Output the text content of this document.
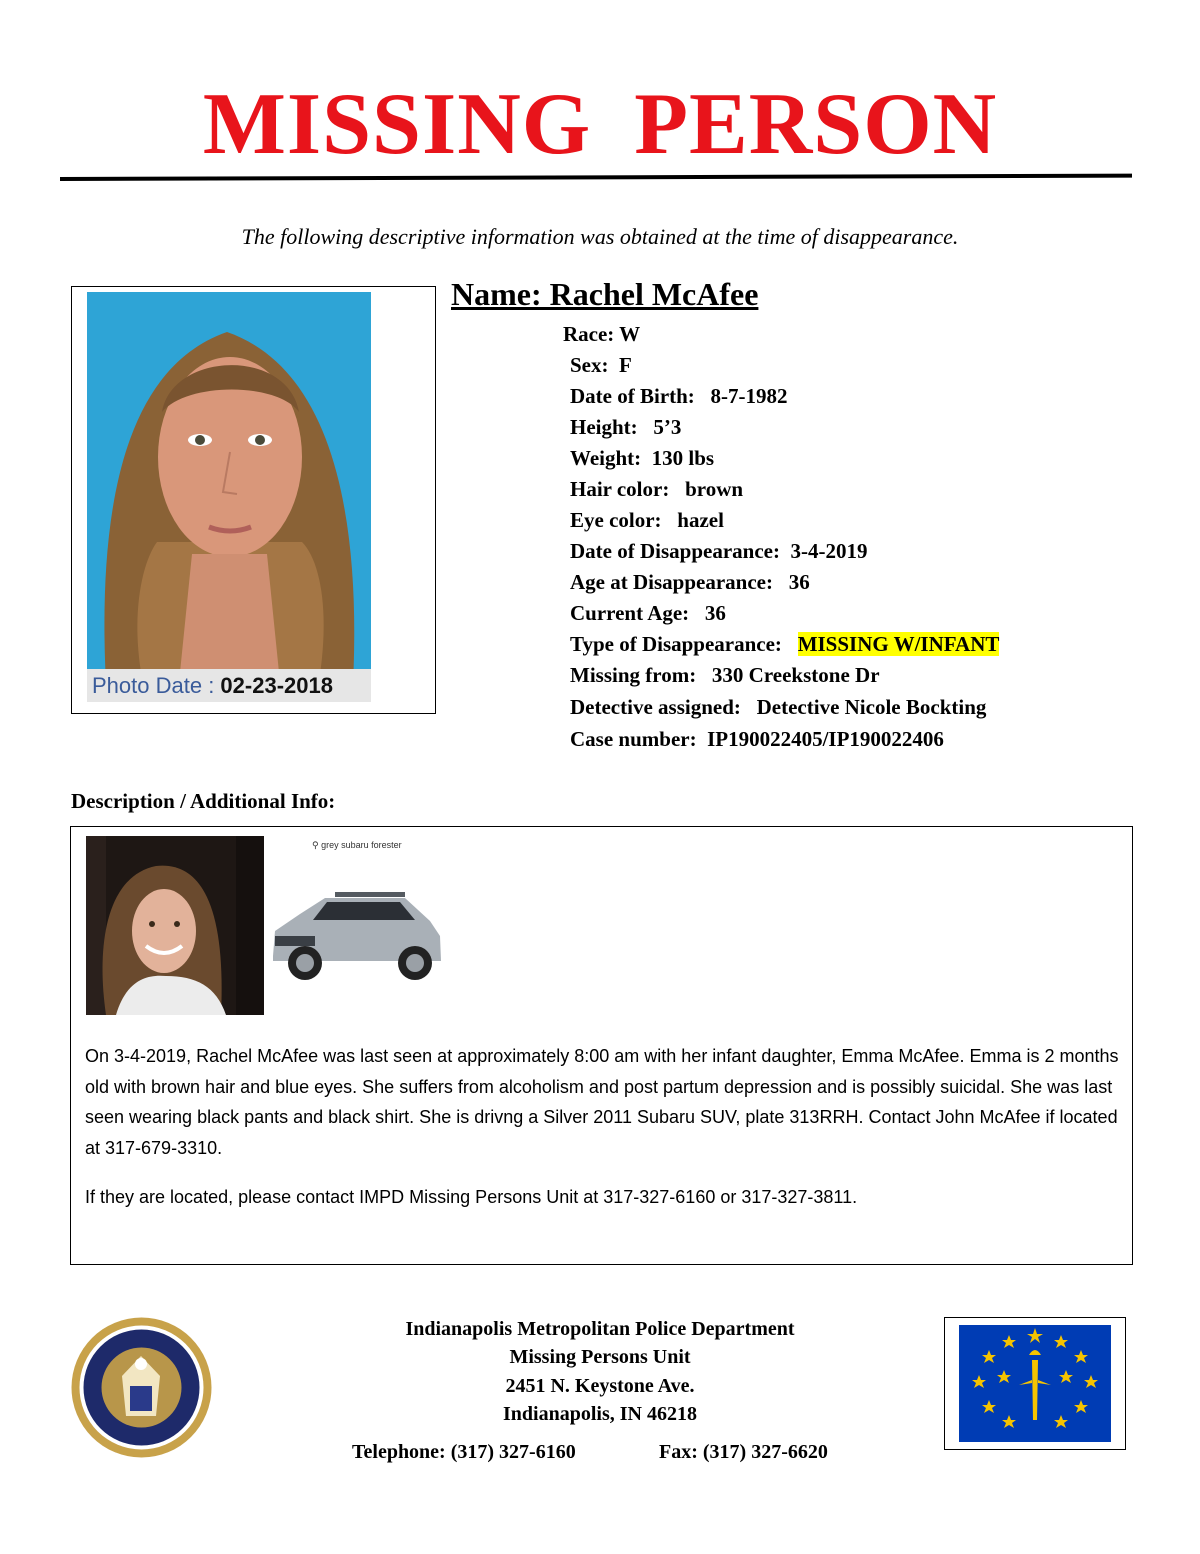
MISSING PERSON
The following descriptive information was obtained at the time of disappearance.
Photo Date : 02-23-2018
Name: Rachel McAfee
Race: W
Sex:  F
Date of Birth:   8-7-1982
Height:   5’3
Weight:  130 lbs
Hair color:   brown
Eye color:   hazel
Date of Disappearance:  3-4-2019
Age at Disappearance:   36
Current Age:   36
Type of Disappearance:   MISSING W/INFANT
Missing from:   330 Creekstone Dr
Detective assigned:   Detective Nicole Bockting
Case number:  IP190022405/IP190022406
Description / Additional Info:
⚲ grey subaru forester
On 3-4-2019, Rachel McAfee was last seen at approximately 8:00 am with her infant daughter, Emma McAfee. Emma is 2 months old with brown hair and blue eyes. She suffers from alcoholism and post partum depression and is possibly suicidal. She was last seen wearing black pants and black shirt. She is drivng a Silver 2011 Subaru SUV, plate 313RRH. Contact John McAfee if located at 317-679-3310.
If they are located, please contact IMPD Missing Persons Unit at 317-327-6160 or 317-327-3811.
Indianapolis Metropolitan Police Department
Missing Persons Unit
2451 N. Keystone Ave.
Indianapolis, IN 46218
Telephone: (317) 327-6160	Fax: (317) 327-6620
